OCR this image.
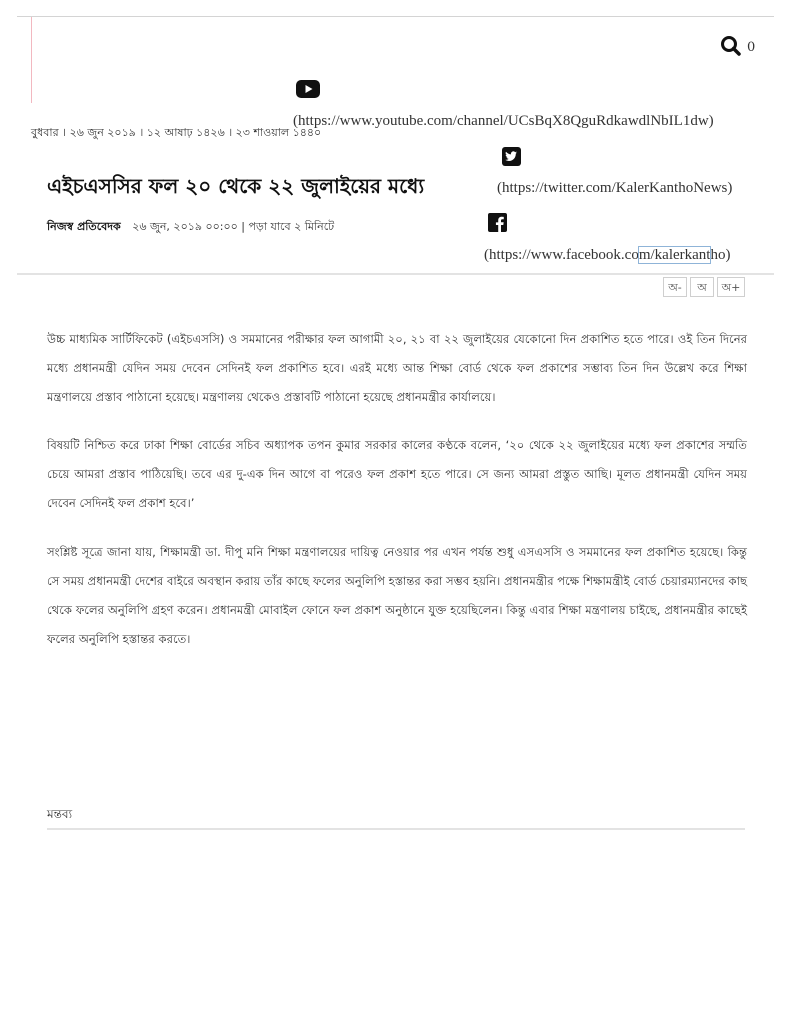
0
(https://www.youtube.com/channel/UCsBqX8QguRdkawdlNbIL1dw)
বুধবার । ২৬ জুন ২০১৯ । ১২ আষাঢ় ১৪২৬ । ২৩ শাওয়াল ১৪৪০
(https://twitter.com/KalerKanthoNews)
এইচএসসির ফল ২০ থেকে ২২ জুলাইয়ের মধ্যে
নিজস্ব প্রতিবেদক ২৬ জুন, ২০১৯ ০০:০০ | পড়া যাবে ২ মিনিটে
(https://www.facebook.com/kalerkantho)
অ-	অ	অ+

উচ্চ মাধ্যমিক সার্টিফিকেট (এইচএসসি) ও সমমানের পরীক্ষার ফল আগামী ২০, ২১ বা ২২ জুলাইয়ের যেকোনো দিন প্রকাশিত হতে পারে। ওই তিন দিনের মধ্যে প্রধানমন্ত্রী যেদিন সময় দেবেন সেদিনই ফল প্রকাশিত হবে। এরই মধ্যে আন্ত শিক্ষা বোর্ড থেকে ফল প্রকাশের সম্ভাব্য তিন দিন উল্লেখ করে শিক্ষা মন্ত্রণালয়ে প্রস্তাব পাঠানো হয়েছে। মন্ত্রণালয় থেকেও প্রস্তাবটি পাঠানো হয়েছে প্রধানমন্ত্রীর কার্যালয়ে।

বিষয়টি নিশ্চিত করে ঢাকা শিক্ষা বোর্ডের সচিব অধ্যাপক তপন কুমার সরকার কালের কণ্ঠকে বলেন, ‘২০ থেকে ২২ জুলাইয়ের মধ্যে ফল প্রকাশের সম্মতি চেয়ে আমরা প্রস্তাব পাঠিয়েছি। তবে এর দু-এক দিন আগে বা পরেও ফল প্রকাশ হতে পারে। সে জন্য আমরা প্রস্তুত আছি। মূলত প্রধানমন্ত্রী যেদিন সময় দেবেন সেদিনই ফল প্রকাশ হবে।’

সংশ্লিষ্ট সূত্রে জানা যায়, শিক্ষামন্ত্রী ডা. দীপু মনি শিক্ষা মন্ত্রণালয়ের দায়িত্ব নেওয়ার পর এখন পর্যন্ত শুধু এসএসসি ও সমমানের ফল প্রকাশিত হয়েছে। কিন্তু সে সময় প্রধানমন্ত্রী দেশের বাইরে অবস্থান করায় তাঁর কাছে ফলের অনুলিপি হস্তান্তর করা সম্ভব হয়নি। প্রধানমন্ত্রীর পক্ষে শিক্ষামন্ত্রীই বোর্ড চেয়ারম্যানদের কাছ থেকে ফলের অনুলিপি গ্রহণ করেন। প্রধানমন্ত্রী মোবাইল ফোনে ফল প্রকাশ অনুষ্ঠানে যুক্ত হয়েছিলেন। কিন্তু এবার শিক্ষা মন্ত্রণালয় চাইছে, প্রধানমন্ত্রীর কাছেই ফলের অনুলিপি হস্তান্তর করতে।

মন্তব্য
